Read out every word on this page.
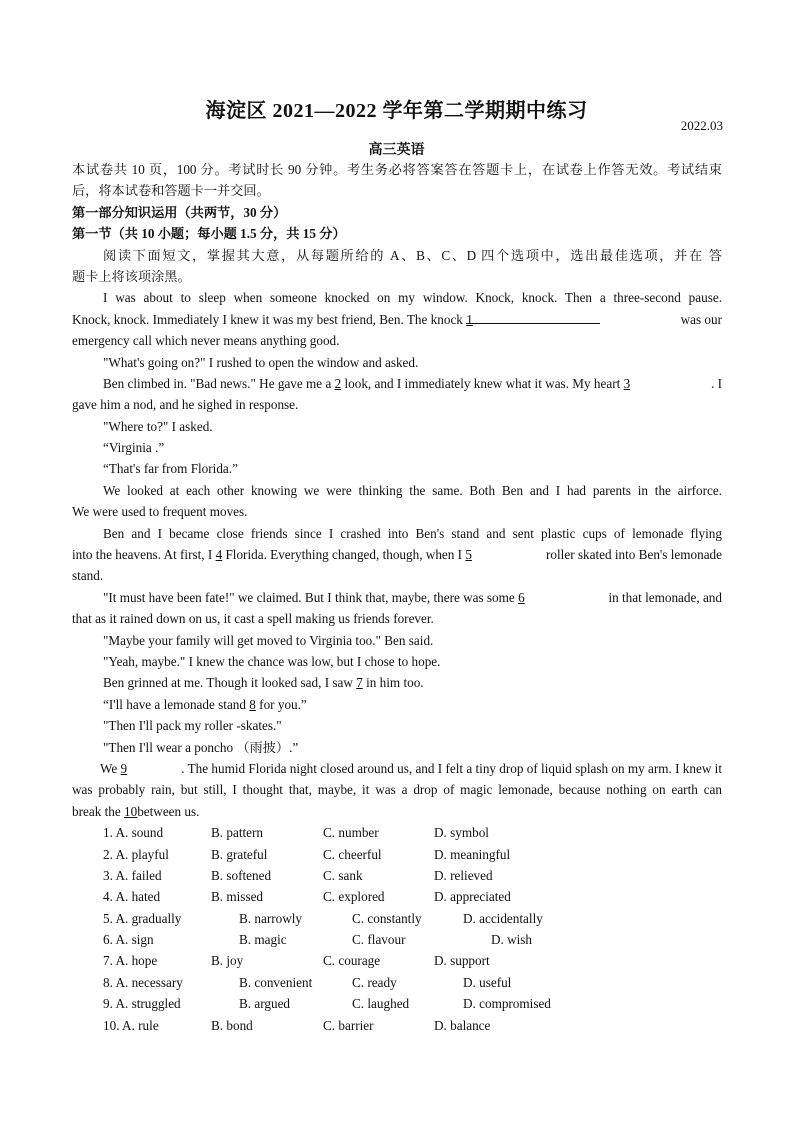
海淀区 2021—2022 学年第二学期期中练习
2022.03
高三英语
本试卷共 10 页，100 分。考试时长 90 分钟。考生务必将答案答在答题卡上，在试卷上作答无效。考试结束
后，将本试卷和答题卡一并交回。
第一部分知识运用（共两节，30 分）
第一节（共 10 小题；每小题 1.5 分，共 15 分）
阅读下面短文，掌握其大意，从每题所给的 A、B、C、D 四个选项中，选出最佳选项，并在 答
题卡上将该项涂黑。
I was about to sleep when someone knocked on my window. Knock, knock. Then a three-second pause.
Knock, knock. Immediately I knew it was my best friend, Ben. The knock 1	was our
emergency call which never means anything good.
"What's going on?" I rushed to open the window and asked.
Ben climbed in. "Bad news." He gave me a 2 look, and I immediately knew what it was. My heart 3	. I
gave him a nod, and he sighed in response.
"Where to?" I asked.
“Virginia .”
“That's far from Florida.”
We looked at each other knowing we were thinking the same. Both Ben and I had parents in the airforce.
We were used to frequent moves.
Ben and I became close friends since I crashed into Ben's stand and sent plastic cups of lemonade flying
into the heavens. At first, I 4 Florida. Everything changed, though, when I 5	roller skated into Ben's lemonade
stand.
"It must have been fate!" we claimed. But I think that, maybe, there was some 6	in that lemonade, and
that as it rained down on us, it cast a spell making us friends forever.
"Maybe your family will get moved to Virginia too." Ben said.
"Yeah, maybe." I knew the chance was low, but I chose to hope.
Ben grinned at me. Though it looked sad, I saw 7 in him too.
“I'll have a lemonade stand 8 for you.”
"Then I'll pack my roller -skates."
"Then I'll wear a poncho （雨披）.”
We 9	. The humid Florida night closed around us, and I felt a tiny drop of liquid splash on my arm. I knew it
was probably rain, but still, I thought that, maybe, it was a drop of magic lemonade, because nothing on earth can
break the 10between us.
1. A. sound	B. pattern	C. number	D. symbol
2. A. playful	B. grateful	C. cheerful	D. meaningful
3. A. failed	B. softened	C. sank	D. relieved
4. A. hated	B. missed	C. explored	D. appreciated
5. A. gradually	B. narrowly	C. constantly	D. accidentally
6. A. sign	B. magic	C. flavour	D. wish
7. A. hope	B. joy	C. courage	D. support
8. A. necessary	B. convenient	C. ready	D. useful
9. A. struggled	B. argued	C. laughed	D. compromised
10. A. rule	B. bond	C. barrier	D. balance
